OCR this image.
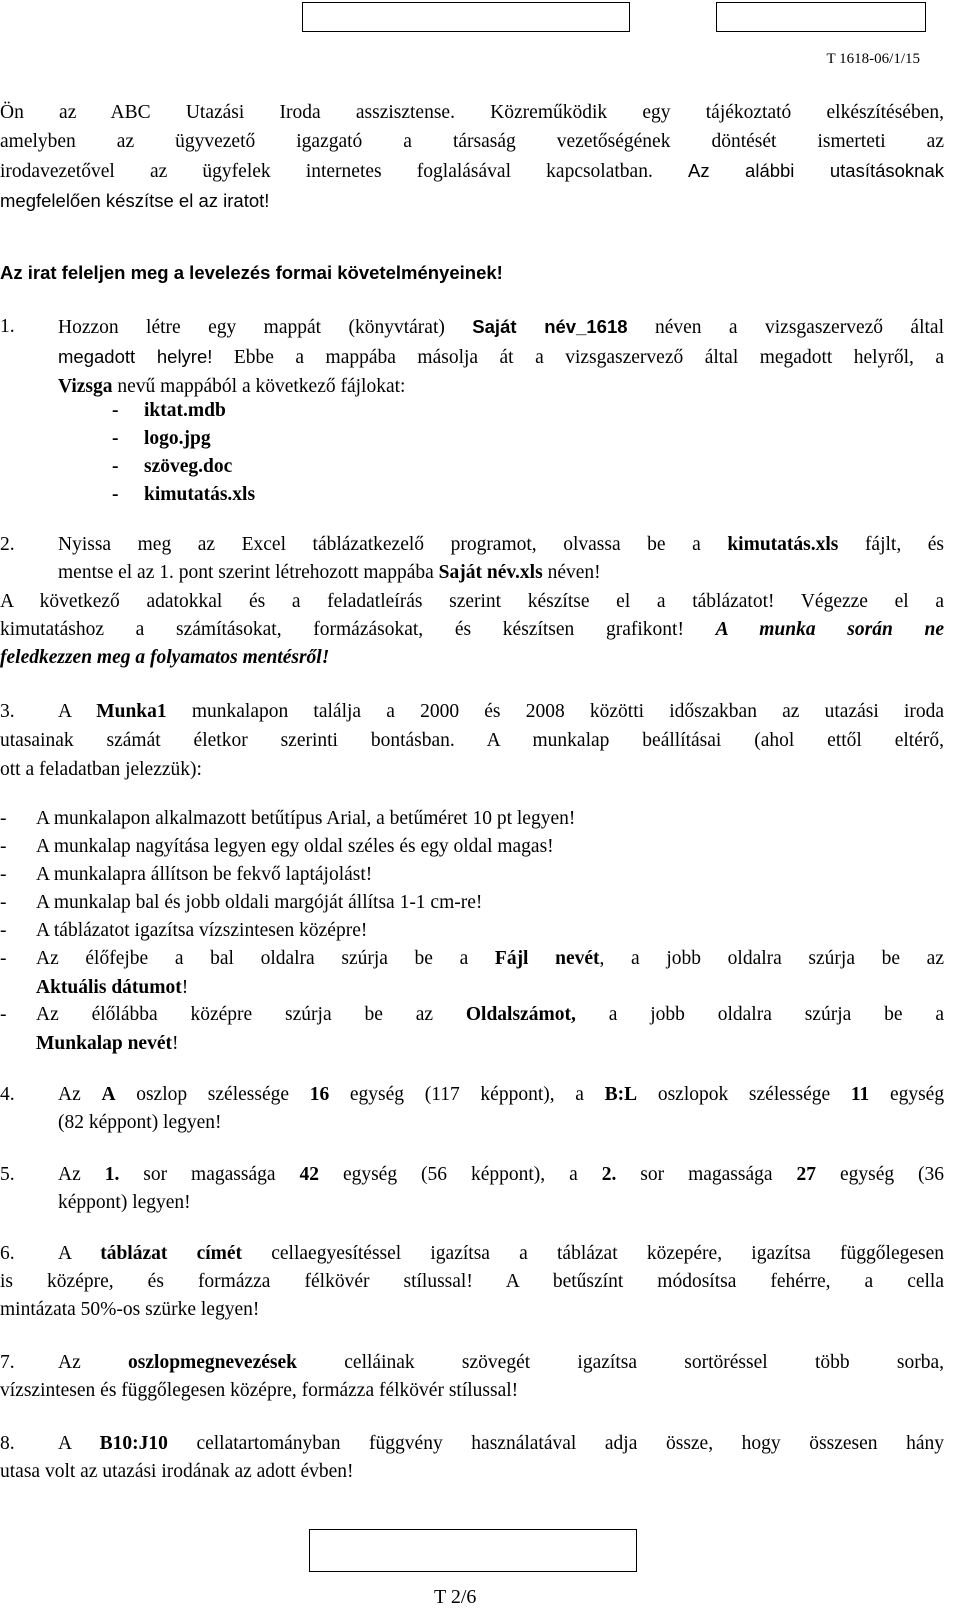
T 1618-06/1/15
Ön az ABC Utazási Iroda asszisztense. Közreműködik egy tájékoztató elkészítésében,
amelyben az ügyvezető igazgató a társaság vezetőségének döntését ismerteti az
irodavezetővel az ügyfelek internetes foglalásával kapcsolatban. Az alábbi utasításoknak
megfelelően készítse el az iratot!
Az irat feleljen meg a levelezés formai követelményeinek!
1. Hozzon létre egy mappát (könyvtárat) Saját név_1618 néven a vizsgaszervező által
megadott helyre! Ebbe a mappába másolja át a vizsgaszervező által megadott helyről, a
Vizsga nevű mappából a következő fájlokat:
- iktat.mdb
- logo.jpg
- szöveg.doc
- kimutatás.xls
2. Nyissa meg az Excel táblázatkezelő programot, olvassa be a kimutatás.xls fájlt, és
mentse el az 1. pont szerint létrehozott mappába Saját név.xls néven!
A következő adatokkal és a feladatleírás szerint készítse el a táblázatot! Végezze el a
kimutatáshoz a számításokat, formázásokat, és készítsen grafikont! A munka során ne
feledkezzen meg a folyamatos mentésről!
3. A Munka1 munkalapon találja a 2000 és 2008 közötti időszakban az utazási iroda
utasainak számát életkor szerinti bontásban. A munkalap beállításai (ahol ettől eltérő,
ott a feladatban jelezzük):
- A munkalapon alkalmazott betűtípus Arial, a betűméret 10 pt legyen!
- A munkalap nagyítása legyen egy oldal széles és egy oldal magas!
- A munkalapra állítson be fekvő laptájolást!
- A munkalap bal és jobb oldali margóját állítsa 1-1 cm-re!
- A táblázatot igazítsa vízszintesen középre!
- Az élőfejbe a bal oldalra szúrja be a Fájl nevét, a jobb oldalra szúrja be az
Aktuális dátumot!
- Az élőlábba középre szúrja be az Oldalszámot, a jobb oldalra szúrja be a
Munkalap nevét!
4. Az A oszlop szélessége 16 egység (117 képpont), a B:L oszlopok szélessége 11 egység
(82 képpont) legyen!
5. Az 1. sor magassága 42 egység (56 képpont), a 2. sor magassága 27 egység (36
képpont) legyen!
6. A táblázat címét cellaegyesítéssel igazítsa a táblázat közepére, igazítsa függőlegesen
is középre, és formázza félkövér stílussal! A betűszínt módosítsa fehérre, a cella
mintázata 50%-os szürke legyen!
7. Az oszlopmegnevezések celláinak szövegét igazítsa sortöréssel több sorba,
vízszintesen és függőlegesen középre, formázza félkövér stílussal!
8. A B10:J10 cellatartományban függvény használatával adja össze, hogy összesen hány
utasa volt az utazási irodának az adott évben!
T 2/6
